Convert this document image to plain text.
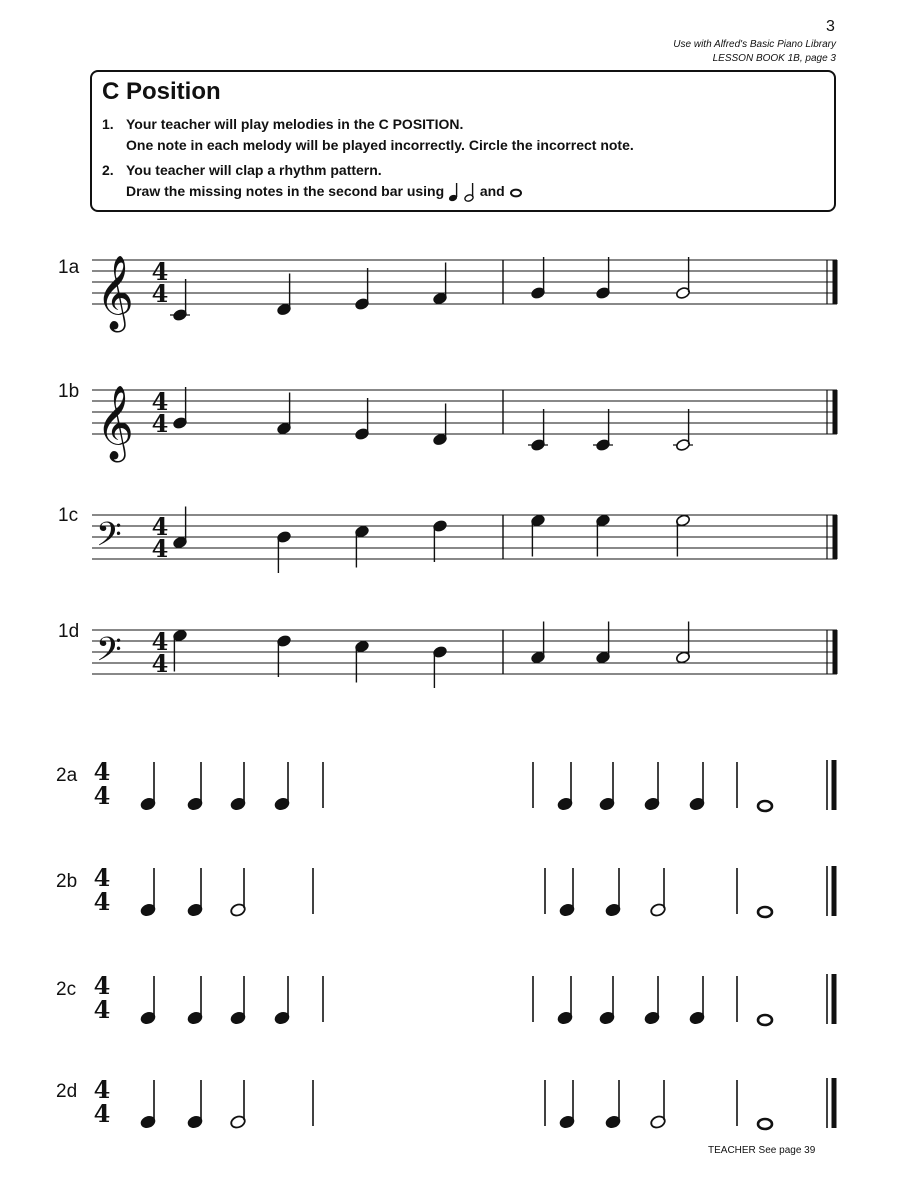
3
Use with Alfred's Basic Piano Library
LESSON BOOK 1B, page 3
C Position
1. Your teacher will play melodies in the C POSITION.
One note in each melody will be played incorrectly. Circle the incorrect note.
2. You teacher will clap a rhythm pattern.
Draw the missing notes in the second bar using	and
1a 𝄞 4
4
1b 𝄞 4
4
1c
𝄢 4
4
1d 𝄢 4
4
2a 4
4
2b 4
4
2c 4
4
2d 4
4
TEACHER See page 39
